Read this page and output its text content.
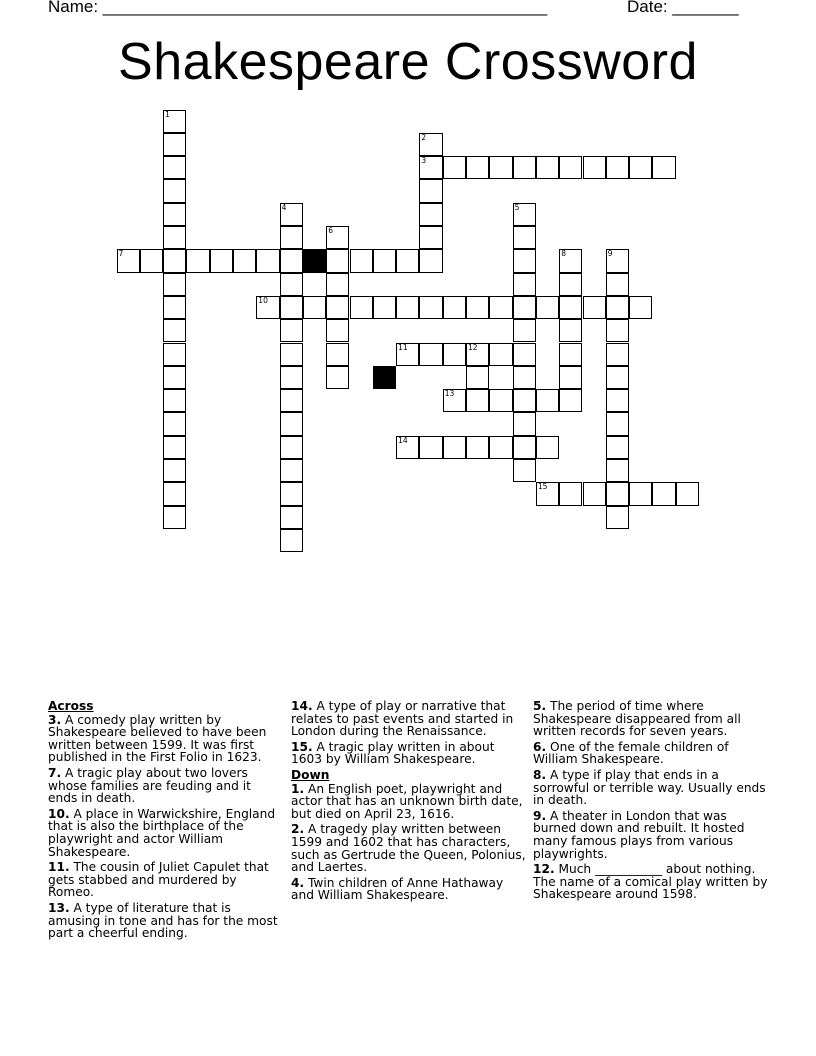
Name: _______________________________________________	Date: _______
Shakespeare Crossword
3
7
10
11	12
13
14
15
1
2
4	5
6
8	9
Across
3. A comedy play written by Shakespeare believed to have been written between 1599. It was first published in the First Folio in 1623.
7. A tragic play about two lovers whose families are feuding and it ends in death.
10. A place in Warwickshire, England that is also the birthplace of the playwright and actor William Shakespeare.
11. The cousin of Juliet Capulet that gets stabbed and murdered by Romeo.
13. A type of literature that is amusing in tone and has for the most part a cheerful ending.
14. A type of play or narrative that relates to past events and started in London during the Renaissance.
15. A tragic play written in about 1603 by William Shakespeare.
Down
1. An English poet, playwright and actor that has an unknown birth date, but died on April 23, 1616.
2. A tragedy play written between 1599 and 1602 that has characters, such as Gertrude the Queen, Polonius, and Laertes.
4. Twin children of Anne Hathaway and William Shakespeare.
5. The period of time where Shakespeare disappeared from all written records for seven years.
6. One of the female children of William Shakespeare.
8. A type if play that ends in a sorrowful or terrible way. Usually ends in death.
9. A theater in London that was burned down and rebuilt. It hosted many famous plays from various playwrights.
12. Much ___________ about nothing. The name of a comical play written by Shakespeare around 1598.
